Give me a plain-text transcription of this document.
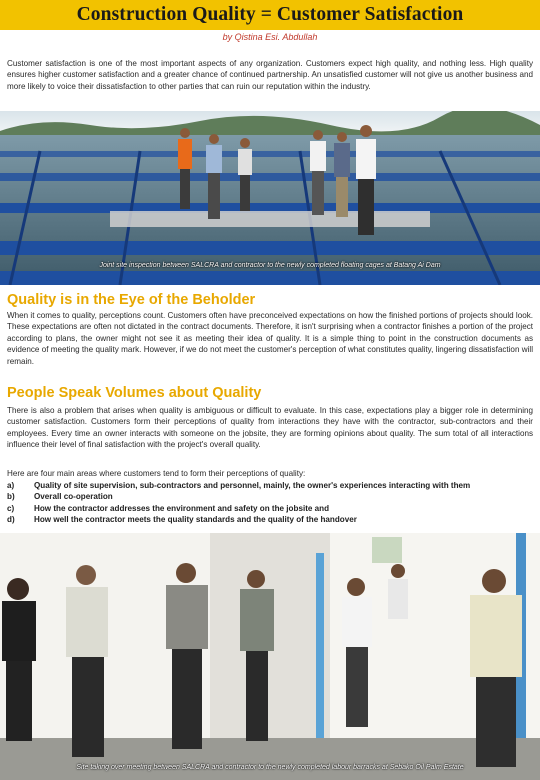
Construction Quality = Customer Satisfaction
by Qistina Esi. Abdullah

Customer satisfaction is one of the most important aspects of any organization. Customers expect high quality, and nothing less. High quality ensures higher customer satisfaction and a greater chance of continued partnership. An unsatisfied customer will not give us another business and more likely to voice their dissatisfaction to other parties that can ruin our reputation within the industry.

Joint site inspection between SALCRA and contractor to the newly completed floating cages at Batang Ai Dam
Quality is in the Eye of the Beholder

When it comes to quality, perceptions count. Customers often have preconceived expectations on how the finished portions of projects should look. These expectations are often not dictated in the contract documents. Therefore, it isn't surprising when a contractor finishes a portion of the project according to plans, the owner might not see it as meeting their idea of quality. It is a simple thing to point in the construction documents as evidence of meeting the quality mark. However, if we do not meet the customer's perception of what constitutes quality, lingering dissatisfaction will remain.

People Speak Volumes about Quality

There is also a problem that arises when quality is ambiguous or difficult to evaluate. In this case, expectations play a bigger role in determining customer satisfaction. Customers form their perceptions of quality from interactions they have with the contractor, sub-contractors and their employees. Every time an owner interacts with someone on the jobsite, they are forming opinions about quality. The sum total of all interactions influence their level of final satisfaction with the project's overall quality.

Here are four main areas where customers tend to form their perceptions of quality:
a)	Quality of site supervision, sub-contractors and personnel, mainly, the owner's experiences interacting with them
b)	Overall co-operation
c)	How the contractor addresses the environment and safety on the jobsite and
d)	How well the contractor meets the quality standards and the quality of the handover
Site taking over meeting between SALCRA and contractor to the newly completed labour barracks at Sebako Oil Palm Estate
